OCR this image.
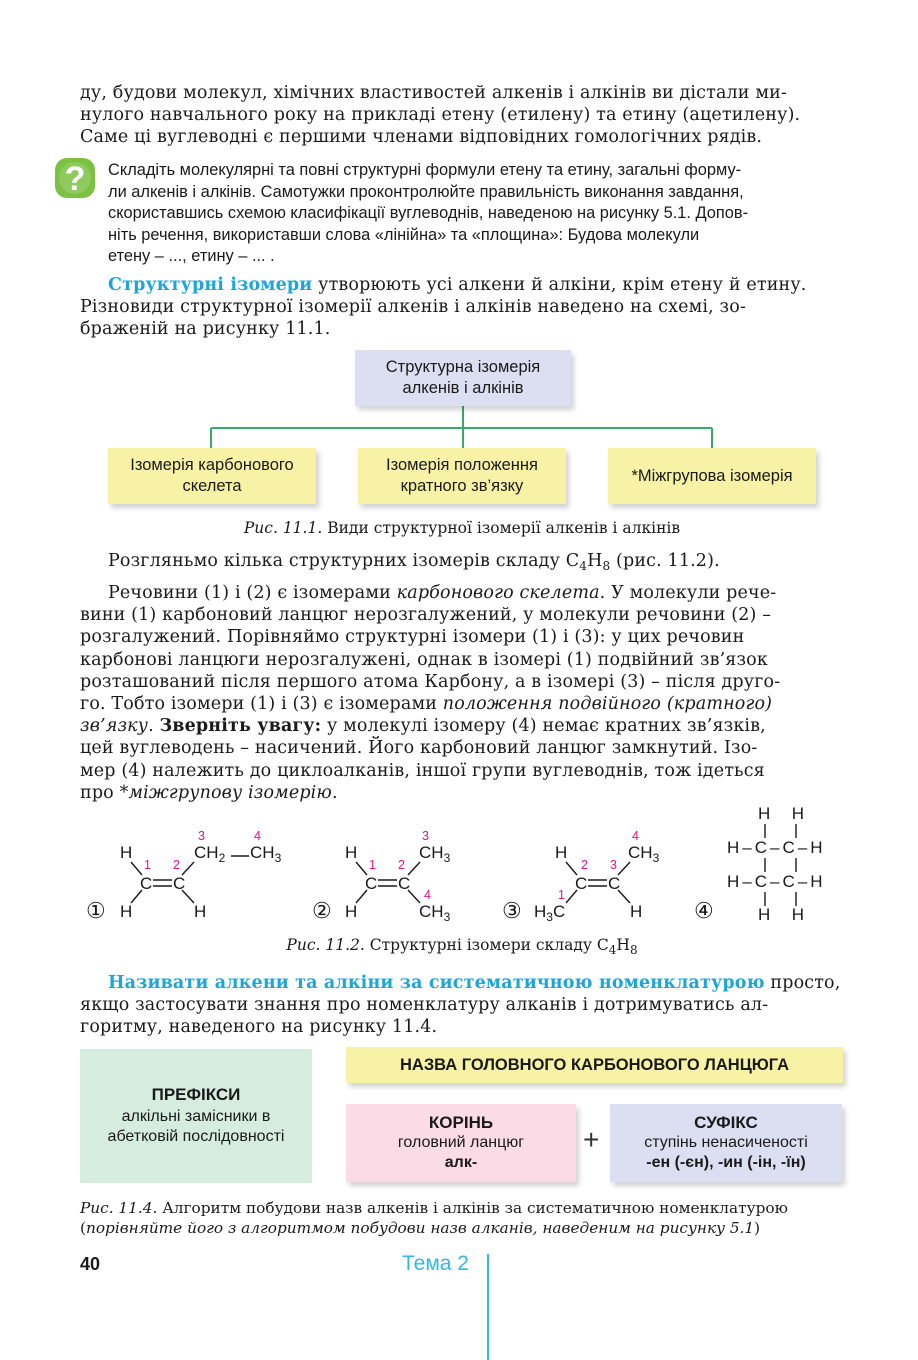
ду, будови молекул, хімічних властивостей алкенів і алкінів ви дістали ми-
нулого навчального року на прикладі етену (етилену) та етину (ацетилену).
Саме ці вуглеводні є першими членами відповідних гомологічних рядів.
? Складіть молекулярні та повні структурні формули етену та етину, загальні форму-
ли алкенів і алкінів. Самотужки проконтролюйте правильність виконання завдання,
скориставшись схемою класифікації вуглеводнів, наведеною на рисунку 5.1. Допов-
ніть речення, використавши слова «лінійна» та «площина»: Будова молекули
етену – ..., етину – ... .
Структурні ізомери утворюють усі алкени й алкіни, крім етену й етину.
Різновиди структурної ізомерії алкенів і алкінів наведено на схемі, зо-
браженій на рисунку 11.1.
Структурна ізомерія
алкенів і алкінів
Ізомерія карбонового
скелета
Ізомерія положення
кратного зв’язку
*Міжгрупова ізомерія
Рис. 11.1. Види структурної ізомерії алкенів і алкінів
Розгляньмо кілька структурних ізомерів складу $C_4H_8$ (рис. 11.2).
Речовини (1) і (2) є ізомерами карбонового скелета. У молекули рече-
вини (1) карбоновий ланцюг нерозгалужений, у молекули речовини (2) –
розгалужений. Порівняймо структурні ізомери (1) і (3): у цих речовин
карбонові ланцюги нерозгалужені, однак в ізомері (1) подвійний зв’язок
розташований після першого атома Карбону, а в ізомері (3) – після друго-
го. Тобто ізомери (1) і (3) є ізомерами положення подвійного (кратного)
зв’язку. Зверніть увагу: у молекулі ізомеру (4) немає кратних зв’язків,
цей вуглеводень – насичений. Його карбоновий ланцюг замкнутий. Ізо-
мер (4) належить до циклоалканів, іншої групи вуглеводнів, тож ідеться
про *міжгрупову ізомерію.
①
H
1
C
2
C
H	H
3
$CH_2$
4
$CH_3$
②
H
1
C
2
C
H
3
$CH_3$
4
$CH_3$ ③
H
2
C
3
C
1
$H_3C$	H
4
$CH_3$
④
H  H
H–C–C–H
H–C–C–H
H  H
Рис. 11.2. Структурні ізомери складу $C_4H_8$
Називати алкени та алкіни за систематичною номенклатурою просто,
якщо застосувати знання про номенклатуру алканів і дотримуватись ал-
горитму, наведеного на рисунку 11.4.
ПРЕФІКСИ
алкільні замісники в
абетковій послідовності
НАЗВА ГОЛОВНОГО КАРБОНОВОГО ЛАНЦЮГА
КОРІНЬ
головний ланцюг
алк-
+
СУФІКС
ступінь ненасиченості
-ен (-єн), -ин (-ін, -їн)
Рис. 11.4. Алгоритм побудови назв алкенів і алкінів за систематичною номенклатурою
(порівняйте його з алгоритмом побудови назв алканів, наведеним на рисунку 5.1)
40	Тема 2
